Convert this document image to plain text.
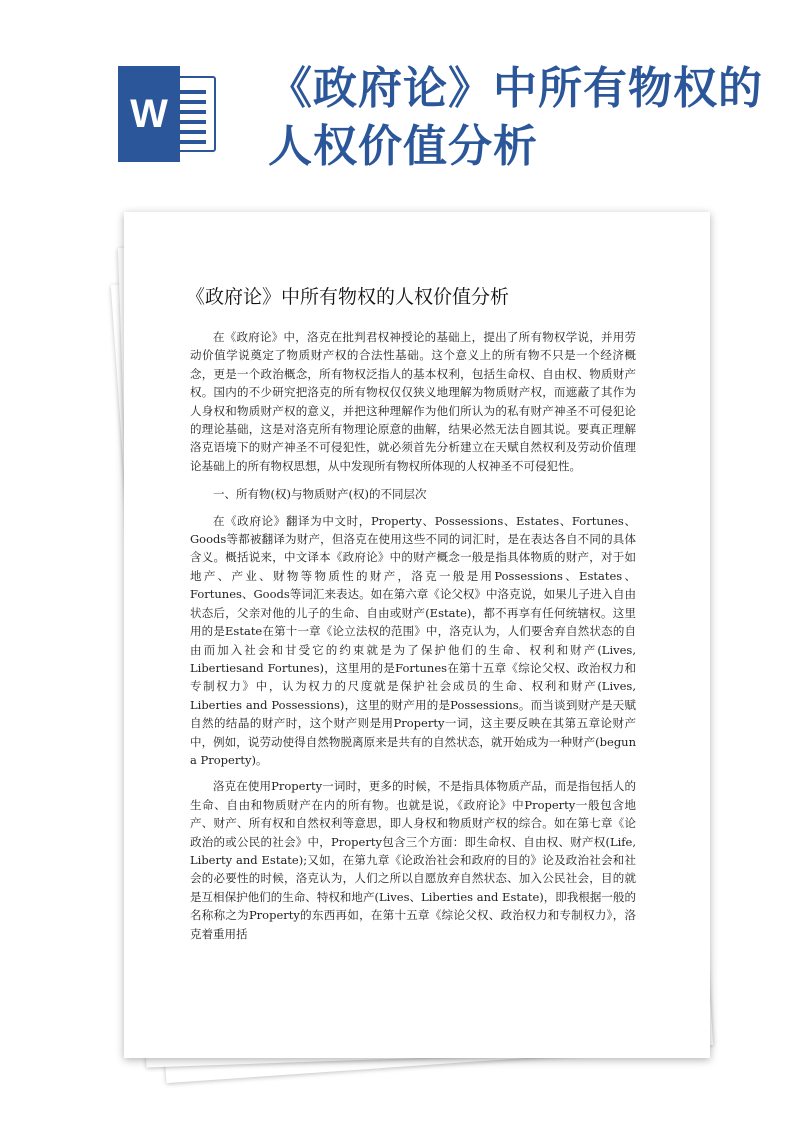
W 《政府论》中所有物权的人权价值分析
《政府论》中所有物权的人权价值分析

在《政府论》中，洛克在批判君权神授论的基础上，提出了所有物权学说，并用劳动价值学说奠定了物质财产权的合法性基础。这个意义上的所有物不只是一个经济概念，更是一个政治概念，所有物权泛指人的基本权利，包括生命权、自由权、物质财产权。国内的不少研究把洛克的所有物权仅仅狭义地理解为物质财产权，而遮蔽了其作为人身权和物质财产权的意义，并把这种理解作为他们所认为的私有财产神圣不可侵犯论的理论基础，这是对洛克所有物理论原意的曲解，结果必然无法自圆其说。要真正理解洛克语境下的财产神圣不可侵犯性，就必须首先分析建立在天赋自然权利及劳动价值理论基础上的所有物权思想，从中发现所有物权所体现的人权神圣不可侵犯性。

一、所有物(权)与物质财产(权)的不同层次

在《政府论》翻译为中文时，Property、Possessions、Estates、Fortunes、Goods等都被翻译为财产，但洛克在使用这些不同的词汇时，是在表达各自不同的具体含义。概括说来，中文译本《政府论》中的财产概念一般是指具体物质的财产，对于如地产、产业、财物等物质性的财产，洛克一般是用Possessions、Estates、Fortunes、Goods等词汇来表达。如在第六章《论父权》中洛克说，如果儿子进入自由状态后，父亲对他的儿子的生命、自由或财产(Estate)，都不再享有任何统辖权。这里用的是Estate在第十一章《论立法权的范围》中，洛克认为，人们要舍弃自然状态的自由而加入社会和甘受它的约束就是为了保护他们的生命、权利和财产(Lives, Libertiesand Fortunes)，这里用的是Fortunes在第十五章《综论父权、政治权力和专制权力》中，认为权力的尺度就是保护社会成员的生命、权利和财产(Lives, Liberties and Possessions)，这里的财产用的是Possessions。而当谈到财产是天赋自然的结晶的财产时，这个财产则是用Property一词，这主要反映在其第五章论财产中，例如，说劳动使得自然物脱离原来是共有的自然状态，就开始成为一种财产(begun a Property)。

洛克在使用Property一词时，更多的时候，不是指具体物质产品，而是指包括人的生命、自由和物质财产在内的所有物。也就是说，《政府论》中Property一般包含地产、财产、所有权和自然权利等意思，即人身权和物质财产权的综合。如在第七章《论政治的或公民的社会》中，Property包含三个方面：即生命权、自由权、财产权(Life, Liberty and Estate);又如，在第九章《论政治社会和政府的目的》论及政治社会和社会的必要性的时候，洛克认为，人们之所以自愿放弃自然状态、加入公民社会，目的就是互相保护他们的生命、特权和地产(Lives、Liberties and Estate)，即我根据一般的名称称之为Property的东西再如，在第十五章《综论父权、政治权力和专制权力》，洛克着重用括
